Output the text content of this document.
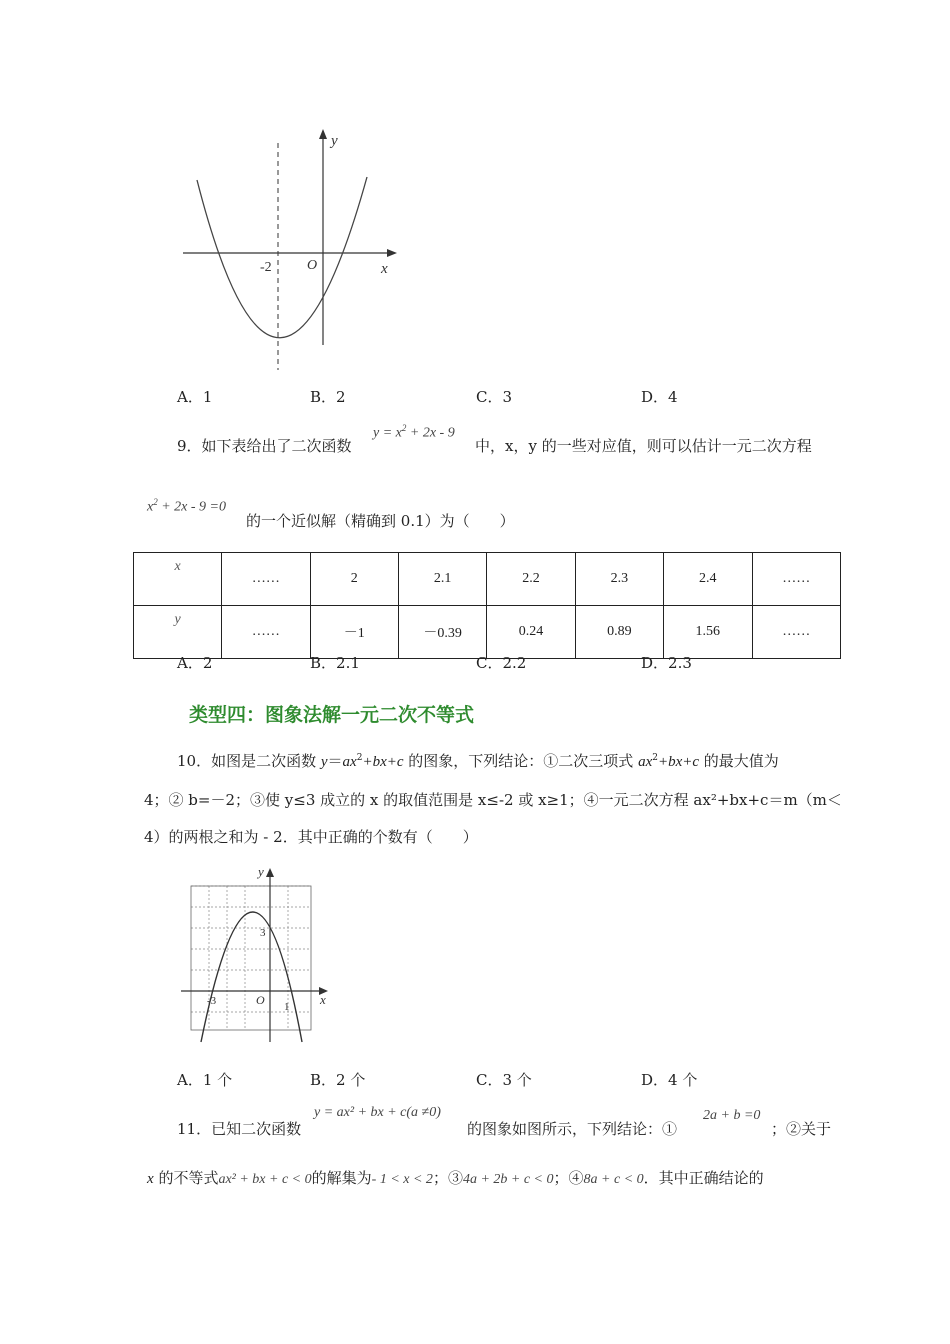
y
x
O
-2
A．1	B．2	C．3	D．4
9．如下表给出了二次函数
$y = x^2 + 2x - 9$
中，x，y 的一些对应值，则可以估计一元二次方程
$x^2 + 2x - 9 =0$
的一个近似解（精确到 0.1）为（　　）
x	……	2	2.1	2.2	2.3	2.4	……
y	……	－1	－0.39	0.24	0.89	1.56	……
A．2	B．2.1	C．2.2	D．2.3
类型四：图象法解一元二次不等式
10．如图是二次函数 $y=ax^2+bx+c$ 的图象，下列结论：①二次三项式 $ax^2+bx+c$ 的最大值为
4；② b=－2；③使 y≤3 成立的 x 的取值范围是 x≤-2 或 x≥1；④一元二次方程 ax²+bx+c＝m（m＜
4）的两根之和为 - 2．其中正确的个数有（　　）
y
x
O
3
-3	1
A．1 个	B．2 个	C．3 个	D．4 个
11．已知二次函数
y = ax² + bx + c(a ≠0)
的图象如图所示，下列结论：①
2a + b =0
；②关于
x 的不等式ax² + bx + c < 0的解集为- 1 < x < 2；③4a + 2b + c < 0；④8a + c < 0．其中正确结论的
